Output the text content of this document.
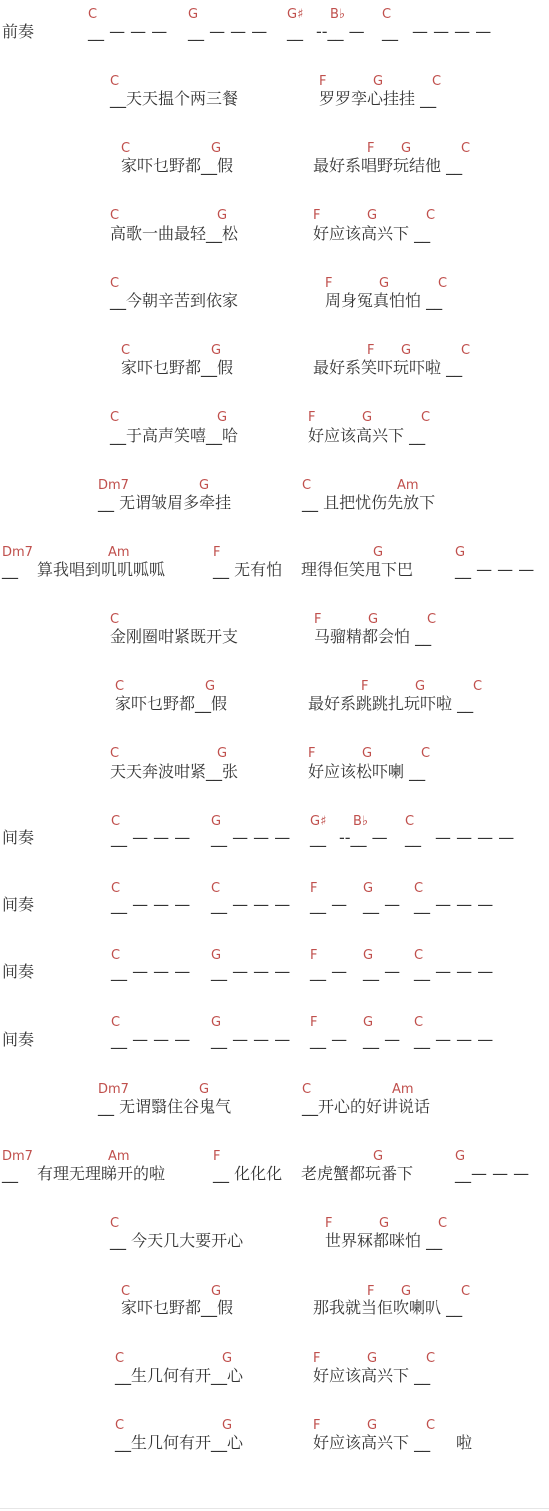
C	G	G♯ B♭	C
前奏	__ — — — __ — — — __ --__ — __ — — — —
C	F	G	C
__天天揾个两三餐	罗罗孪心挂挂 __
C	G	F G	C
家吓乜野都__假	最好系唱野玩结他 __
C	G	F	G	C
高歌一曲最轻__松	好应该高兴下 __
C	F	G	C
__今朝辛苦到依家	周身冤真怕怕 __
C	G	F G	C
家吓乜野都__假	最好系笑吓玩吓啦 __
C	G	F	G	C
__于高声笑嘻__哈	好应该高兴下 __
Dm7	G	C	Am
__ 无谓皱眉多牵挂	__ 且把忧伤先放下
Dm7	Am	F	G	G
__ 算我唱到叽叽呱呱	__ 无有怕 理得佢笑甩下巴	__ — — —
C	F	G	C
金刚圈咁紧既开支	马骝精都会怕 __
C	G	F	G	C
家吓乜野都__假	最好系跳跳扎玩吓啦 __
C	G	F	G	C
天天奔波咁紧__张	好应该松吓喇 __
C	G	G♯ B♭	C
间奏	__ — — — __ — — — __ --__ — __ — — — —
C	C	F	G	C
间奏	__ — — — __ — — — __ — __ — __ — — —
C	G	F	G	C
间奏	__ — — — __ — — — __ — __ — __ — — —
C	G	F	G	C
间奏	__ — — — __ — — — __ — __ — __ — — —
Dm7	G	C	Am
__ 无谓翳住谷鬼气	__开心的好讲说话
Dm7	Am	F	G	G
__ 有理无理睇开的啦	__ 化化化 老虎蟹都玩番下	__— — —
C	F	G	C
__ 今天几大要开心	世界冧都咪怕 __
C	G	F G	C
家吓乜野都__假	那我就当佢吹喇叭 __
C	G	F	G	C
__生几何有开__心	好应该高兴下 __
C	G	F	G	C
__生几何有开__心	好应该高兴下 __ 啦
